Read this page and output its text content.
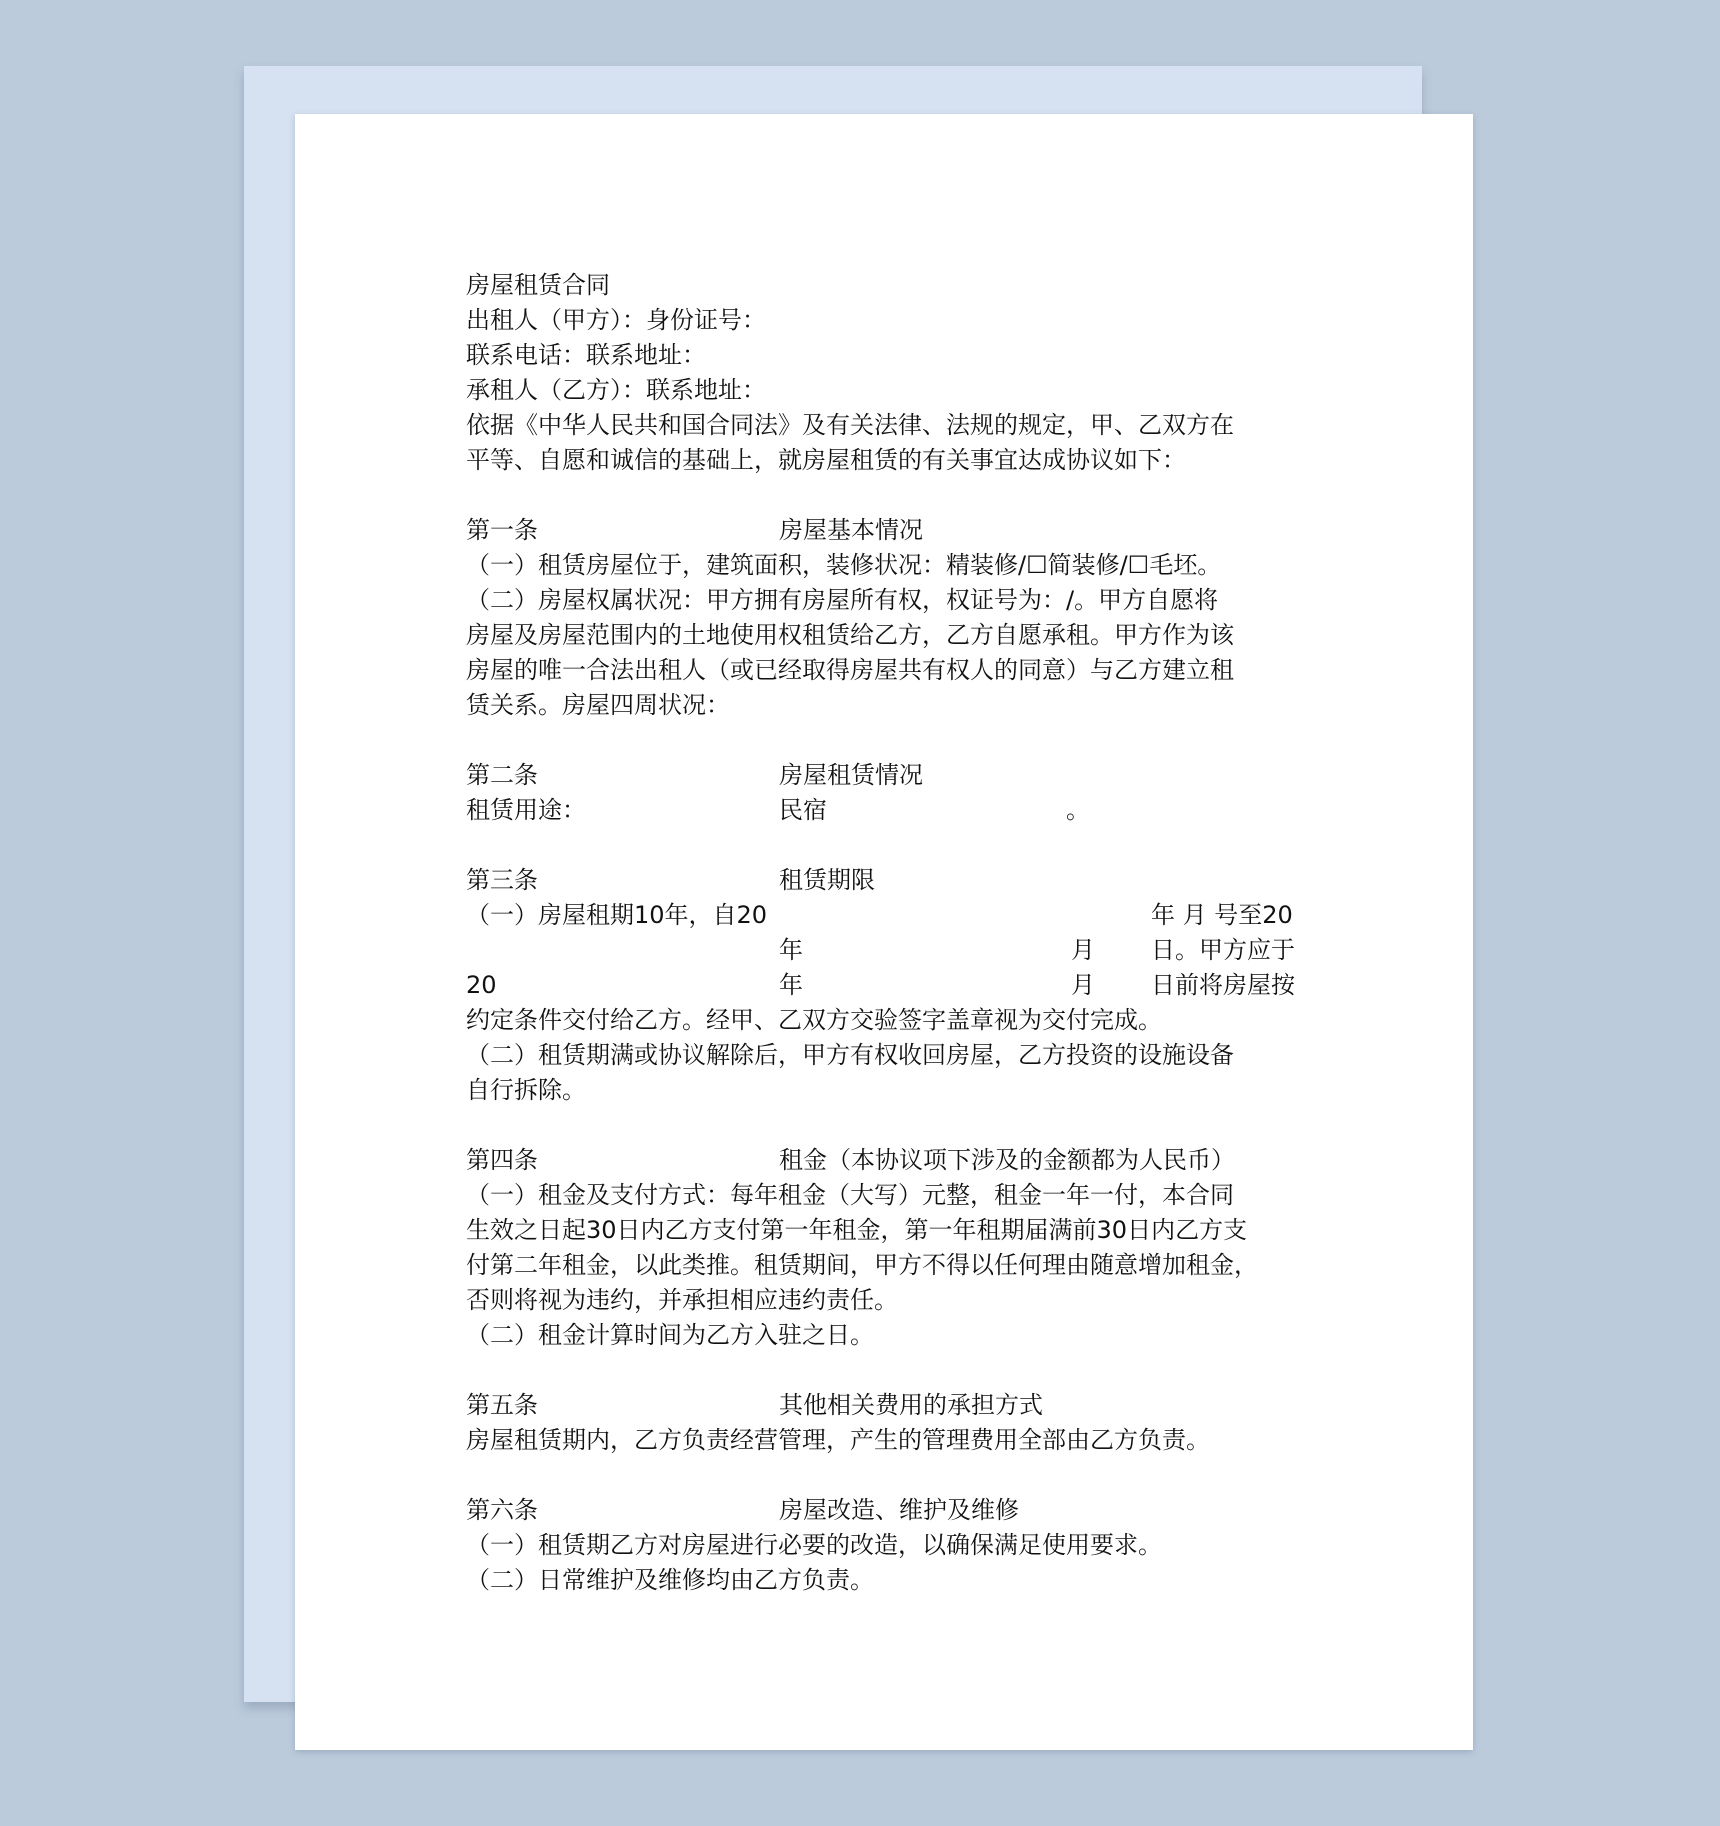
房屋租赁合同
出租人（甲方）：身份证号：
联系电话：联系地址：
承租人（乙方）：联系地址：
依据《中华人民共和国合同法》及有关法律、法规的规定，甲、乙双方在
平等、自愿和诚信的基础上，就房屋租赁的有关事宜达成协议如下：
第一条	房屋基本情况
（一）租赁房屋位于，建筑面积，装修状况：精装修/☐简装修/☐毛坯。
（二）房屋权属状况：甲方拥有房屋所有权，权证号为：/。甲方自愿将
房屋及房屋范围内的土地使用权租赁给乙方，乙方自愿承租。甲方作为该
房屋的唯一合法出租人（或已经取得房屋共有权人的同意）与乙方建立租
赁关系。房屋四周状况：
第二条	房屋租赁情况
租赁用途：	民宿	。
第三条	租赁期限
（一）房屋租期10年，自20	年 月 号至20
年	月 日。甲方应于
20	年	月 日前将房屋按
约定条件交付给乙方。经甲、乙双方交验签字盖章视为交付完成。
（二）租赁期满或协议解除后，甲方有权收回房屋，乙方投资的设施设备
自行拆除。
第四条	租金（本协议项下涉及的金额都为人民币）
（一）租金及支付方式：每年租金（大写）元整，租金一年一付，本合同
生效之日起30日内乙方支付第一年租金，第一年租期届满前30日内乙方支
付第二年租金，以此类推。租赁期间，甲方不得以任何理由随意增加租金，
否则将视为违约，并承担相应违约责任。
（二）租金计算时间为乙方入驻之日。
第五条	其他相关费用的承担方式
房屋租赁期内，乙方负责经营管理，产生的管理费用全部由乙方负责。
第六条	房屋改造、维护及维修
（一）租赁期乙方对房屋进行必要的改造，以确保满足使用要求。
（二）日常维护及维修均由乙方负责。
